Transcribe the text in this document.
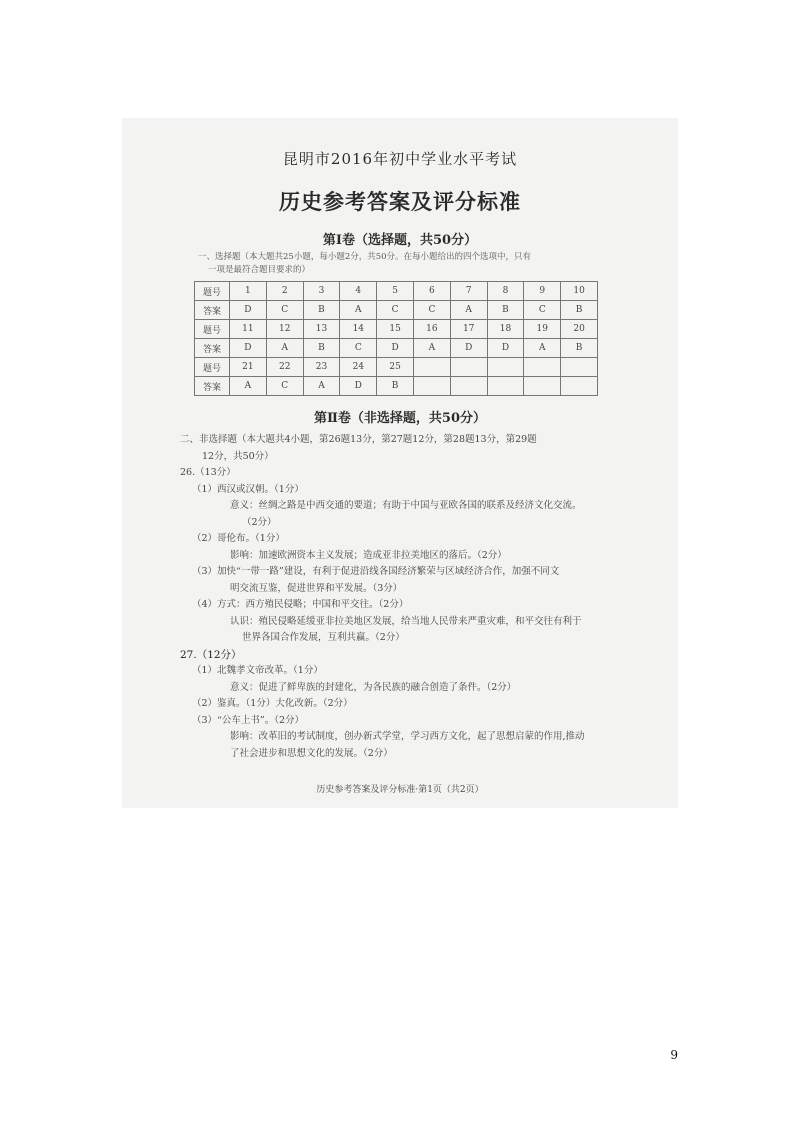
昆明市2016年初中学业水平考试
历史参考答案及评分标准
第Ⅰ卷（选择题，共50分）
一、选择题（本大题共25小题，每小题2分，共50分。在每小题给出的四个选项中，只有
一项是最符合题目要求的）
题号	1	2	3	4	5	6	7	8	9	10
答案	D	C	B	A	C	C	A	B	C	B
题号	11	12	13	14	15	16	17	18	19	20
答案	D	A	B	C	D	A	D	D	A	B
题号	21	22	23	24	25					
答案	A	C	A	D	B					
第Ⅱ卷（非选择题，共50分）

二、非选择题（本大题共4小题，第26题13分，第27题12分，第28题13分，第29题

12分，共50分）

26.（13分）

（1）西汉或汉朝。（1分）

意义：丝绸之路是中西交通的要道；有助于中国与亚欧各国的联系及经济文化交流。

（2分）

（2）哥伦布。（1分）

影响：加速欧洲资本主义发展；造成亚非拉美地区的落后。（2分）

（3）加快“一带一路”建设，有利于促进沿线各国经济繁荣与区域经济合作，加强不同文

明交流互鉴，促进世界和平发展。（3分）

（4）方式：西方殖民侵略；中国和平交往。（2分）

认识：殖民侵略延缓亚非拉美地区发展，给当地人民带来严重灾难，和平交往有利于

世界各国合作发展，互利共赢。（2分）

27.（12分）

（1）北魏孝文帝改革。（1分）

意义：促进了鲜卑族的封建化，为各民族的融合创造了条件。（2分）

（2）鉴真。（1分）大化改新。（2分）

（3）“公车上书”。（2分）

影响：改革旧的考试制度，创办新式学堂，学习西方文化，起了思想启蒙的作用,推动

了社会进步和思想文化的发展。（2分）

历史参考答案及评分标准·第1页（共2页）
9
